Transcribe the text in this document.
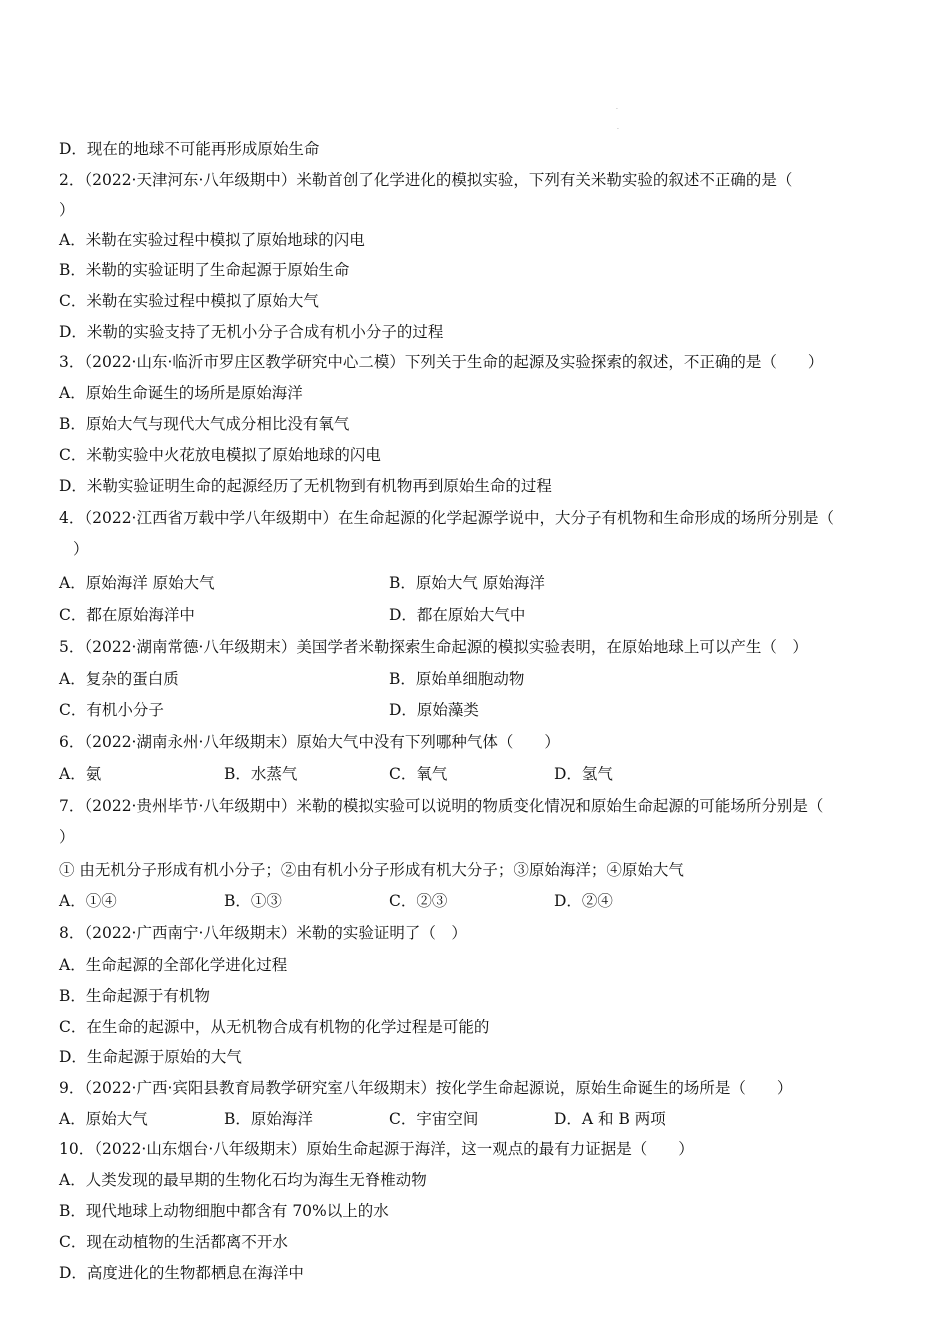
·
.
D．现在的地球不可能再形成原始生命
2．（2022·天津河东·八年级期中）米勒首创了化学进化的模拟实验，下列有关米勒实验的叙述不正确的是（
）
A．米勒在实验过程中模拟了原始地球的闪电
B．米勒的实验证明了生命起源于原始生命
C．米勒在实验过程中模拟了原始大气
D．米勒的实验支持了无机小分子合成有机小分子的过程
3．（2022·山东·临沂市罗庄区教学研究中心二模）下列关于生命的起源及实验探索的叙述，不正确的是（　　）
A．原始生命诞生的场所是原始海洋
B．原始大气与现代大气成分相比没有氧气
C．米勒实验中火花放电模拟了原始地球的闪电
D．米勒实验证明生命的起源经历了无机物到有机物再到原始生命的过程
4．（2022·江西省万载中学八年级期中）在生命起源的化学起源学说中，大分子有机物和生命形成的场所分别是（
）
A．原始海洋 原始大气	B．原始大气 原始海洋
C．都在原始海洋中	D．都在原始大气中
5．（2022·湖南常德·八年级期末）美国学者米勒探索生命起源的模拟实验表明，在原始地球上可以产生（　）
A．复杂的蛋白质	B．原始单细胞动物
C．有机小分子	D．原始藻类
6．（2022·湖南永州·八年级期末）原始大气中没有下列哪种气体（　　）
A．氨	B．水蒸气	C．氧气	D．氢气
7．（2022·贵州毕节·八年级期中）米勒的模拟实验可以说明的物质变化情况和原始生命起源的可能场所分别是（
）
① 由无机分子形成有机小分子；②由有机小分子形成有机大分子；③原始海洋；④原始大气
A．①④	B．①③	C．②③	D．②④
8．（2022·广西南宁·八年级期末）米勒的实验证明了（　）
A．生命起源的全部化学进化过程
B．生命起源于有机物
C．在生命的起源中，从无机物合成有机物的化学过程是可能的
D．生命起源于原始的大气
9．（2022·广西·宾阳县教育局教学研究室八年级期末）按化学生命起源说，原始生命诞生的场所是（　　）
A．原始大气	B．原始海洋	C．宇宙空间	D．A 和 B 两项
10．（2022·山东烟台·八年级期末）原始生命起源于海洋，这一观点的最有力证据是（　　）
A．人类发现的最早期的生物化石均为海生无脊椎动物
B．现代地球上动物细胞中都含有 70%以上的水
C．现在动植物的生活都离不开水
D．高度进化的生物都栖息在海洋中
